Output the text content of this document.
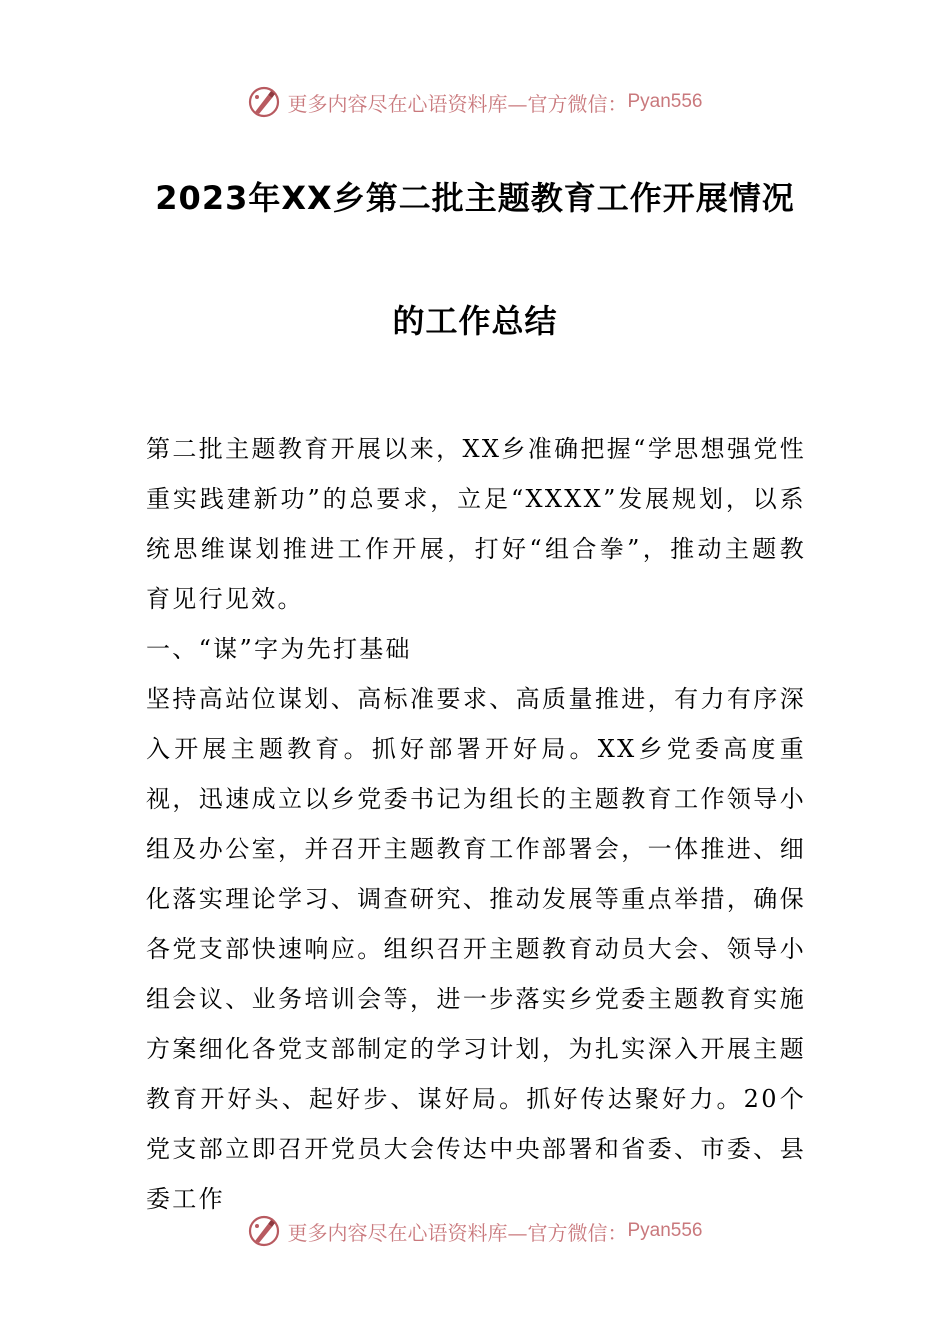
更多内容尽在心语资料库—官方微信： Pyan556
2023年XX乡第二批主题教育工作开展情况
的工作总结

第二批主题教育开展以来，XX乡准确把握“学思想强党性重实践建新功”的总要求，立足“XXXX”发展规划，以系统思维谋划推进工作开展，打好“组合拳”，推动主题教育见行见效。

一、“谋”字为先打基础

坚持高站位谋划、高标准要求、高质量推进，有力有序深入开展主题教育。抓好部署开好局。XX乡党委高度重视，迅速成立以乡党委书记为组长的主题教育工作领导小组及办公室，并召开主题教育工作部署会，一体推进、细化落实理论学习、调查研究、推动发展等重点举措，确保各党支部快速响应。组织召开主题教育动员大会、领导小组会议、业务培训会等，进一步落实乡党委主题教育实施方案细化各党支部制定的学习计划，为扎实深入开展主题教育开好头、起好步、谋好局。抓好传达聚好力。20个党支部立即召开党员大会传达中央部署和省委、市委、县委工作

更多内容尽在心语资料库—官方微信： Pyan556
